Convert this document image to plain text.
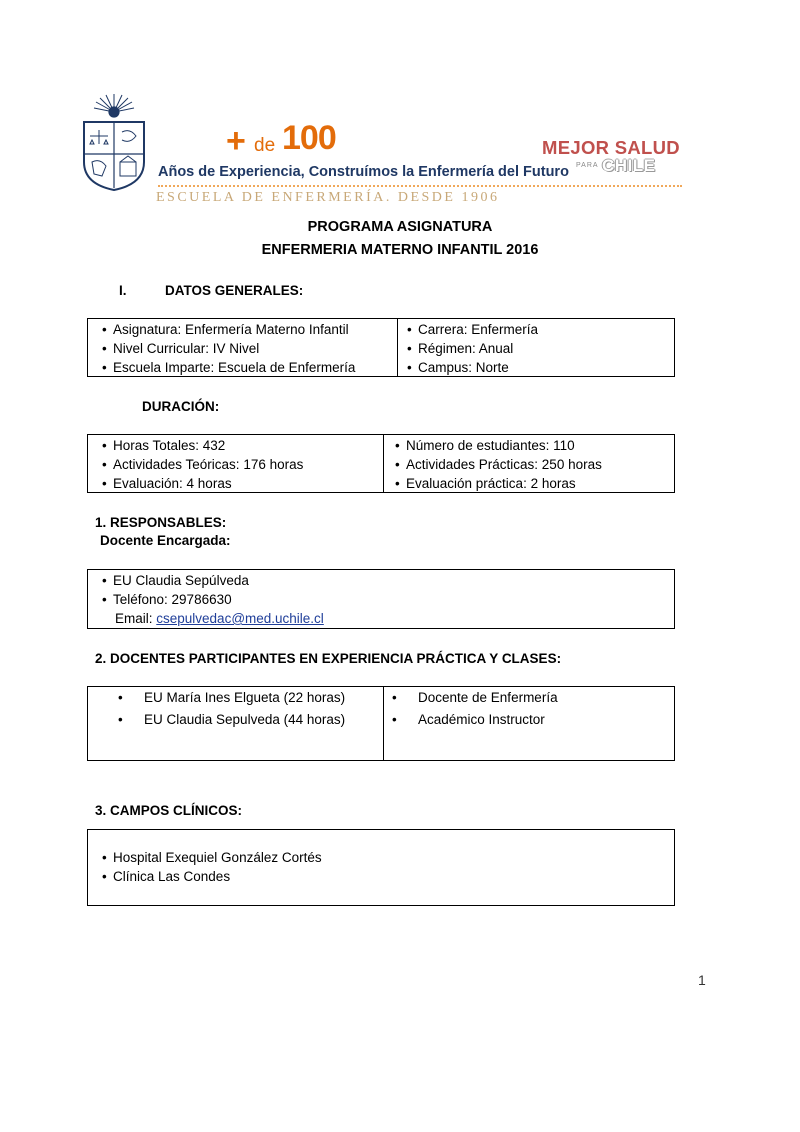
+ de 100
Años de Experiencia, Construímos la Enfermería del Futuro
MEJOR SALUD
PARA CHILE
ESCUELA DE ENFERMERÍA. DESDE 1906
PROGRAMA ASIGNATURA
ENFERMERIA MATERNO INFANTIL 2016
I.	DATOS GENERALES:
• Asignatura: Enfermería Materno Infantil
• Nivel Curricular: IV Nivel
• Escuela Imparte: Escuela de Enfermería
• Carrera: Enfermería
• Régimen: Anual
• Campus: Norte
DURACIÓN:
• Horas Totales: 432
• Actividades Teóricas: 176 horas
• Evaluación: 4 horas
• Número de estudiantes: 110
• Actividades Prácticas: 250 horas
• Evaluación práctica: 2 horas
1. RESPONSABLES:
Docente Encargada:
• EU Claudia Sepúlveda
• Teléfono: 29786630
Email: csepulvedac@med.uchile.cl
2. DOCENTES PARTICIPANTES EN EXPERIENCIA PRÁCTICA Y CLASES:
• EU María Ines Elgueta (22 horas)
• EU Claudia Sepulveda (44 horas)
• Docente de Enfermería
• Académico Instructor
3. CAMPOS CLÍNICOS:
• Hospital Exequiel González Cortés
• Clínica Las Condes
1
